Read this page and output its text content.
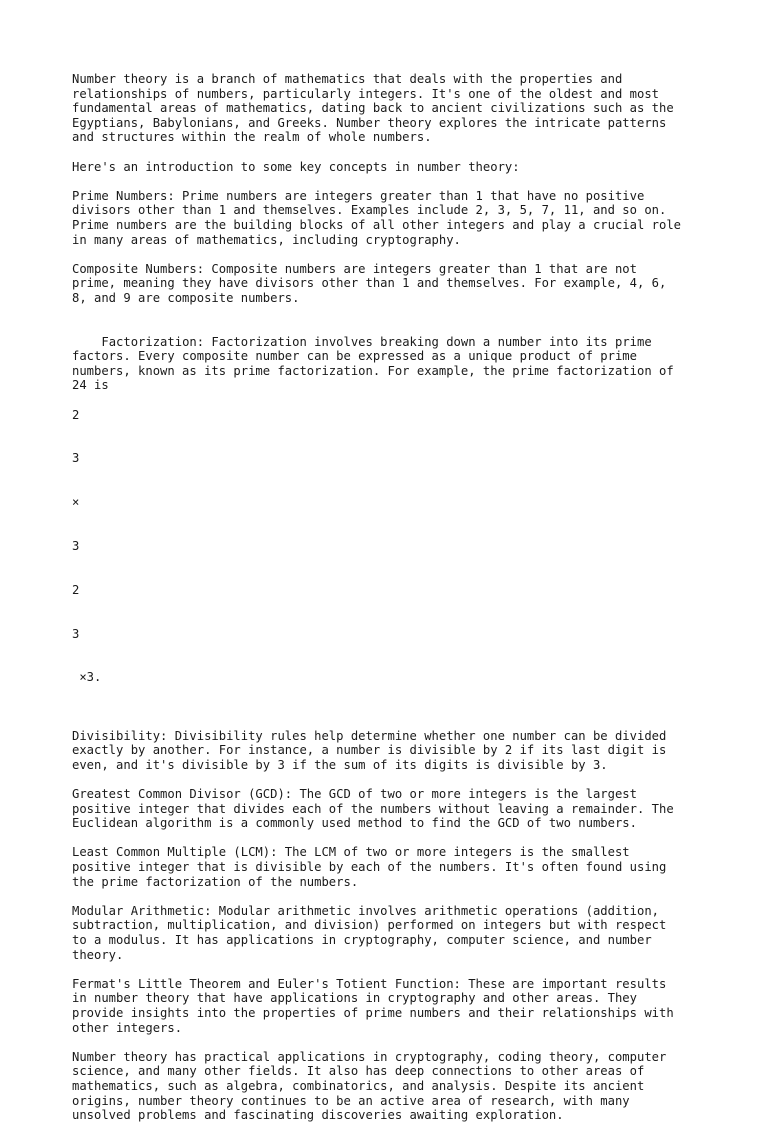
Number theory is a branch of mathematics that deals with the properties and
relationships of numbers, particularly integers. It's one of the oldest and most
fundamental areas of mathematics, dating back to ancient civilizations such as the
Egyptians, Babylonians, and Greeks. Number theory explores the intricate patterns
and structures within the realm of whole numbers.

Here's an introduction to some key concepts in number theory:

Prime Numbers: Prime numbers are integers greater than 1 that have no positive
divisors other than 1 and themselves. Examples include 2, 3, 5, 7, 11, and so on.
Prime numbers are the building blocks of all other integers and play a crucial role
in many areas of mathematics, including cryptography.

Composite Numbers: Composite numbers are integers greater than 1 that are not
prime, meaning they have divisors other than 1 and themselves. For example, 4, 6,
8, and 9 are composite numbers.

Factorization: Factorization involves breaking down a number into its prime
factors. Every composite number can be expressed as a unique product of prime
numbers, known as its prime factorization. For example, the prime factorization of
24 is

2

3

×

3

2

3

×3.

Divisibility: Divisibility rules help determine whether one number can be divided
exactly by another. For instance, a number is divisible by 2 if its last digit is
even, and it's divisible by 3 if the sum of its digits is divisible by 3.

Greatest Common Divisor (GCD): The GCD of two or more integers is the largest
positive integer that divides each of the numbers without leaving a remainder. The
Euclidean algorithm is a commonly used method to find the GCD of two numbers.

Least Common Multiple (LCM): The LCM of two or more integers is the smallest
positive integer that is divisible by each of the numbers. It's often found using
the prime factorization of the numbers.

Modular Arithmetic: Modular arithmetic involves arithmetic operations (addition,
subtraction, multiplication, and division) performed on integers but with respect
to a modulus. It has applications in cryptography, computer science, and number
theory.

Fermat's Little Theorem and Euler's Totient Function: These are important results
in number theory that have applications in cryptography and other areas. They
provide insights into the properties of prime numbers and their relationships with
other integers.

Number theory has practical applications in cryptography, coding theory, computer
science, and many other fields. It also has deep connections to other areas of
mathematics, such as algebra, combinatorics, and analysis. Despite its ancient
origins, number theory continues to be an active area of research, with many
unsolved problems and fascinating discoveries awaiting exploration.
